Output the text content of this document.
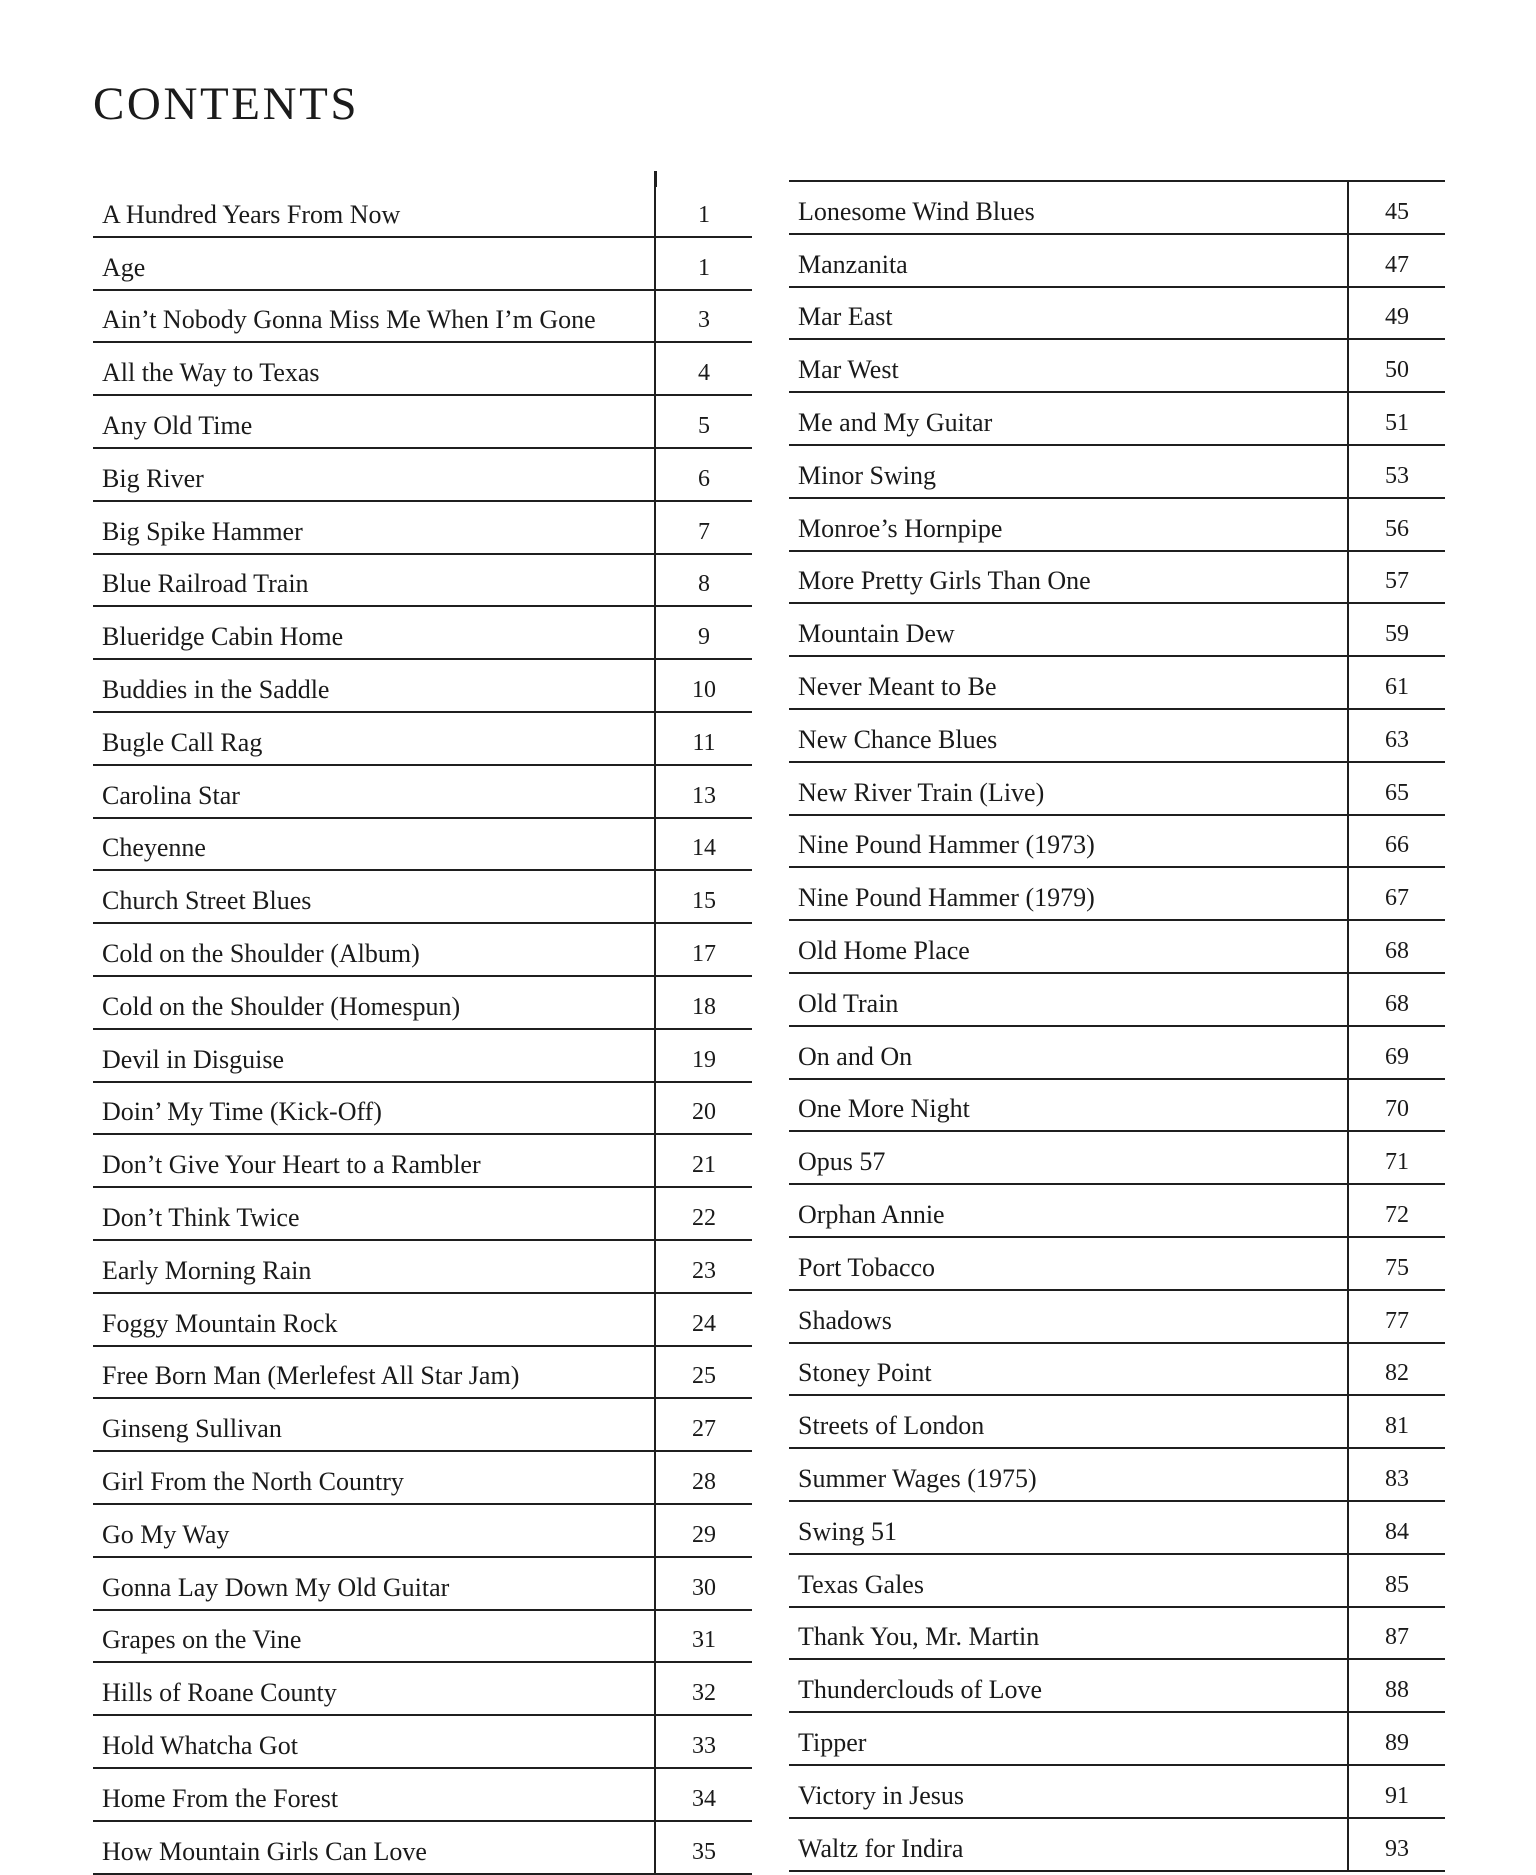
CONTENTS
A Hundred Years From Now	1
Age	1
Ain’t Nobody Gonna Miss Me When I’m Gone	3
All the Way to Texas	4
Any Old Time	5
Big River	6
Big Spike Hammer	7
Blue Railroad Train	8
Blueridge Cabin Home	9
Buddies in the Saddle	10
Bugle Call Rag	11
Carolina Star	13
Cheyenne	14
Church Street Blues	15
Cold on the Shoulder (Album)	17
Cold on the Shoulder (Homespun)	18
Devil in Disguise	19
Doin’ My Time (Kick-Off)	20
Don’t Give Your Heart to a Rambler	21
Don’t Think Twice	22
Early Morning Rain	23
Foggy Mountain Rock	24
Free Born Man (Merlefest All Star Jam)	25
Ginseng Sullivan	27
Girl From the North Country	28
Go My Way	29
Gonna Lay Down My Old Guitar	30
Grapes on the Vine	31
Hills of Roane County	32
Hold Whatcha Got	33
Home From the Forest	34
How Mountain Girls Can Love	35
Lonesome Wind Blues	45
Manzanita	47
Mar East	49
Mar West	50
Me and My Guitar	51
Minor Swing	53
Monroe’s Hornpipe	56
More Pretty Girls Than One	57
Mountain Dew	59
Never Meant to Be	61
New Chance Blues	63
New River Train (Live)	65
Nine Pound Hammer (1973)	66
Nine Pound Hammer (1979)	67
Old Home Place	68
Old Train	68
On and On	69
One More Night	70
Opus 57	71
Orphan Annie	72
Port Tobacco	75
Shadows	77
Stoney Point	82
Streets of London	81
Summer Wages (1975)	83
Swing 51	84
Texas Gales	85
Thank You, Mr. Martin	87
Thunderclouds of Love	88
Tipper	89
Victory in Jesus	91
Waltz for Indira	93
